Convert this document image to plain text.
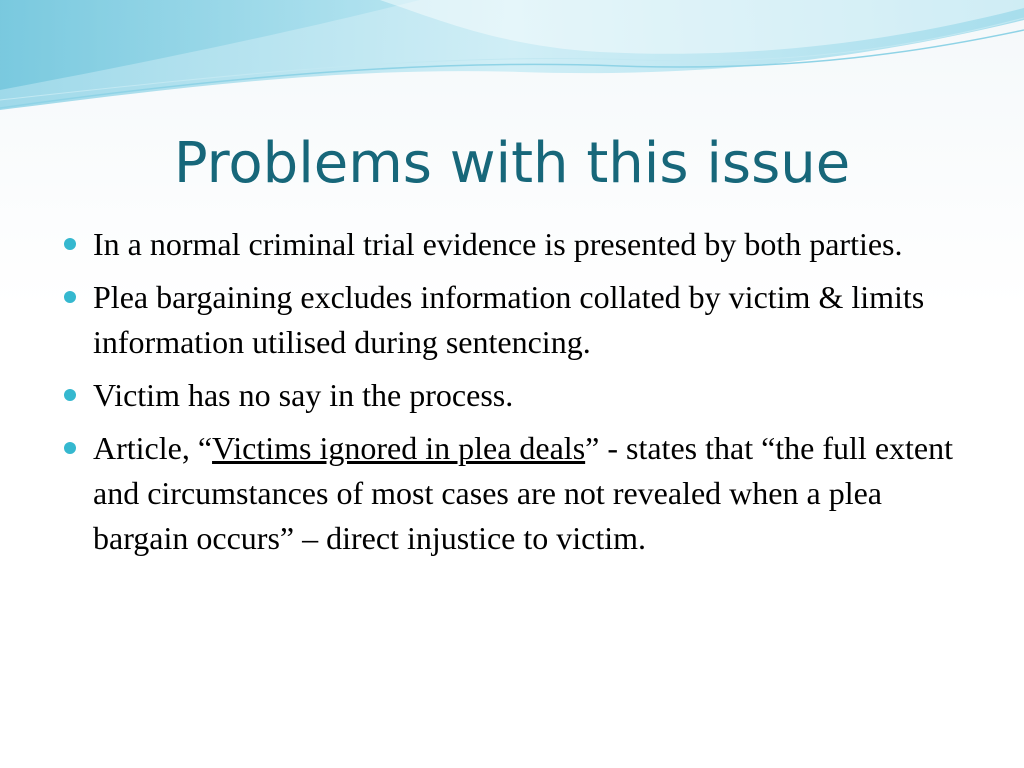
Problems with this issue
In a normal criminal trial evidence is presented by both parties.
Plea bargaining excludes information collated by victim & limits information utilised during sentencing.
Victim has no say in the process.
Article, “Victims ignored in plea deals” - states that “the full extent and circumstances of most cases are not revealed when a plea bargain occurs” – direct injustice to victim.
